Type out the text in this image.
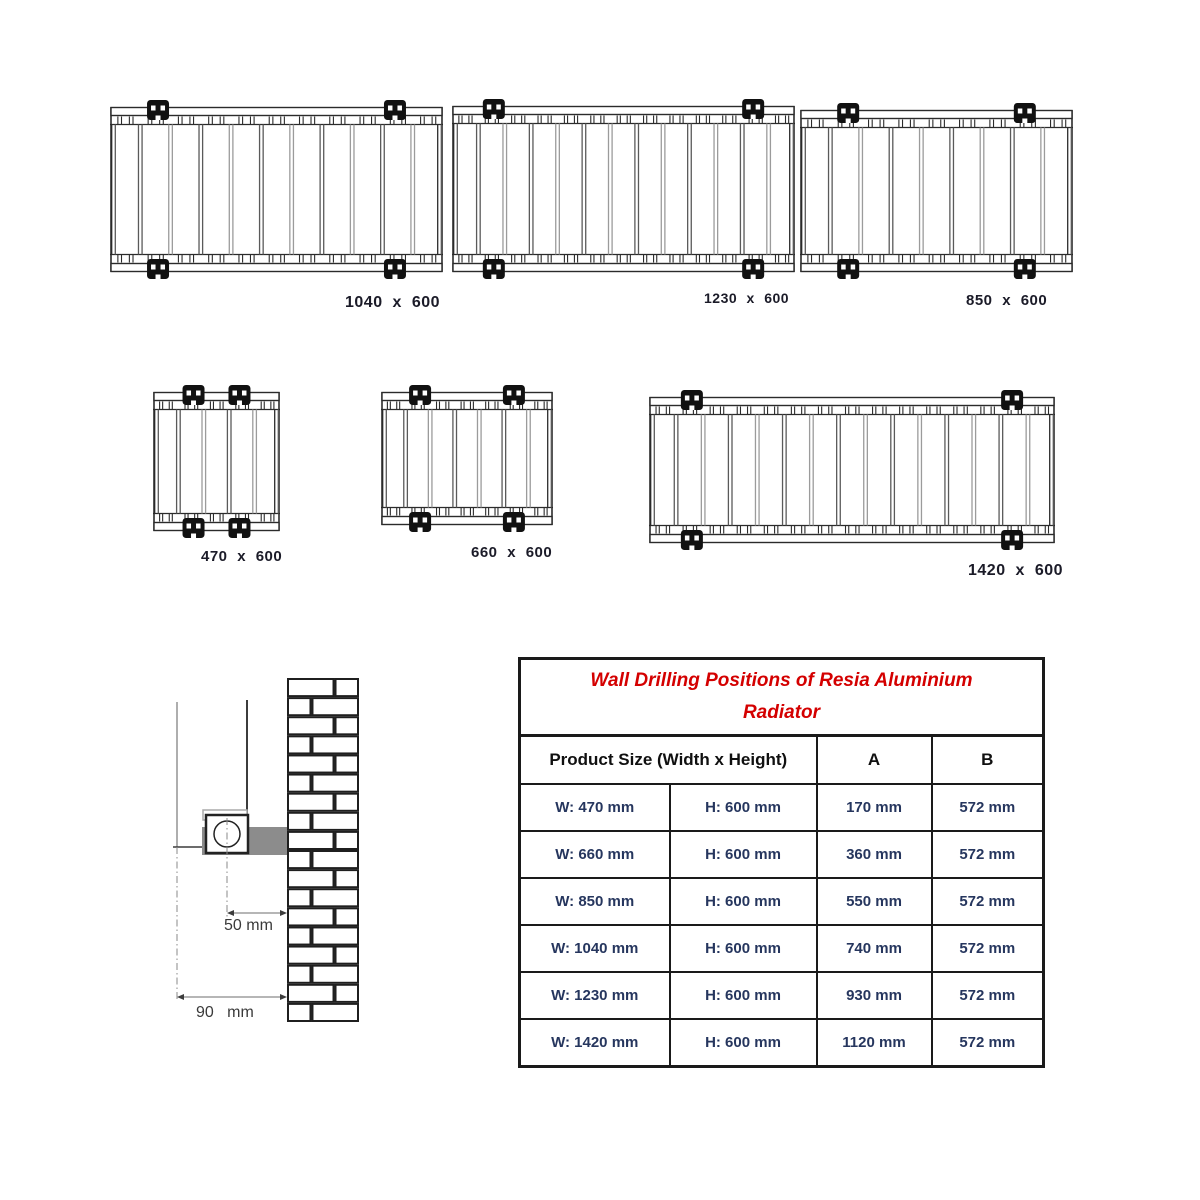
1040 x 600	1230 x 600	850 x 600
470 x 600	660 x 600
1420 x 600
50 mm
90   mm
Wall Drilling Positions of Resia Aluminium Radiator			
Product Size (Width x Height)		A	B
W: 470 mm	H: 600 mm	170 mm	572 mm
W: 660 mm	H: 600 mm	360 mm	572 mm
W: 850 mm	H: 600 mm	550 mm	572 mm
W: 1040 mm	H: 600 mm	740 mm	572 mm
W: 1230 mm	H: 600 mm	930 mm	572 mm
W: 1420 mm	H: 600 mm	1120 mm	572 mm
